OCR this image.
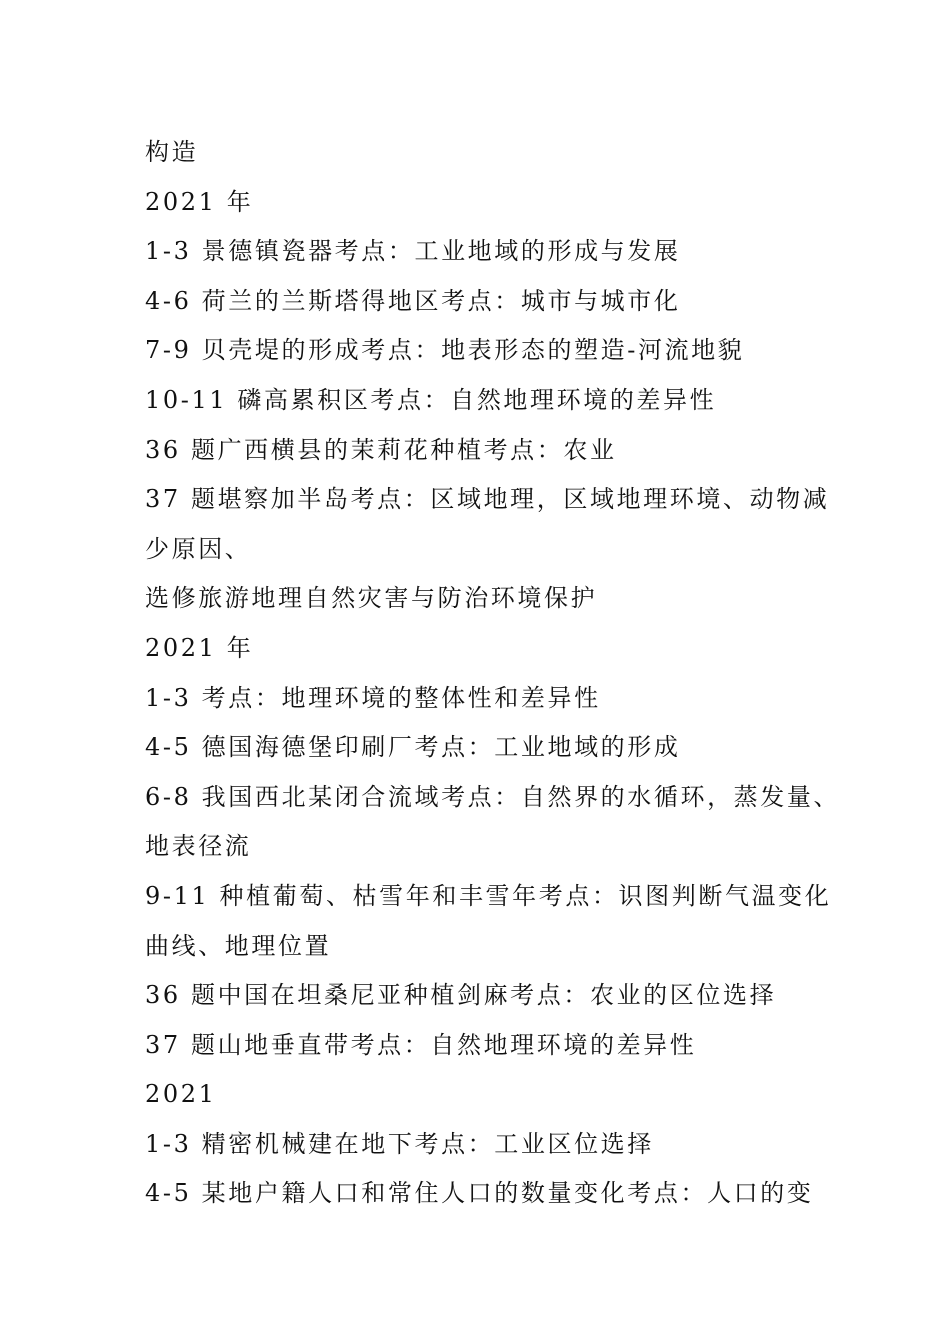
构造
2021 年
1-3 景德镇瓷器考点：工业地域的形成与发展
4-6 荷兰的兰斯塔得地区考点：城市与城市化
7-9 贝壳堤的形成考点：地表形态的塑造-河流地貌
10-11 磷高累积区考点：自然地理环境的差异性
36 题广西横县的茉莉花种植考点：农业
37 题堪察加半岛考点：区域地理，区域地理环境、动物减
少原因、
选修旅游地理自然灾害与防治环境保护
2021 年
1-3 考点：地理环境的整体性和差异性
4-5 德国海德堡印刷厂考点：工业地域的形成
6-8 我国西北某闭合流域考点：自然界的水循环，蒸发量、
地表径流
9-11 种植葡萄、枯雪年和丰雪年考点：识图判断气温变化
曲线、地理位置
36 题中国在坦桑尼亚种植剑麻考点：农业的区位选择
37 题山地垂直带考点：自然地理环境的差异性
2021
1-3 精密机械建在地下考点：工业区位选择
4-5 某地户籍人口和常住人口的数量变化考点：人口的变
